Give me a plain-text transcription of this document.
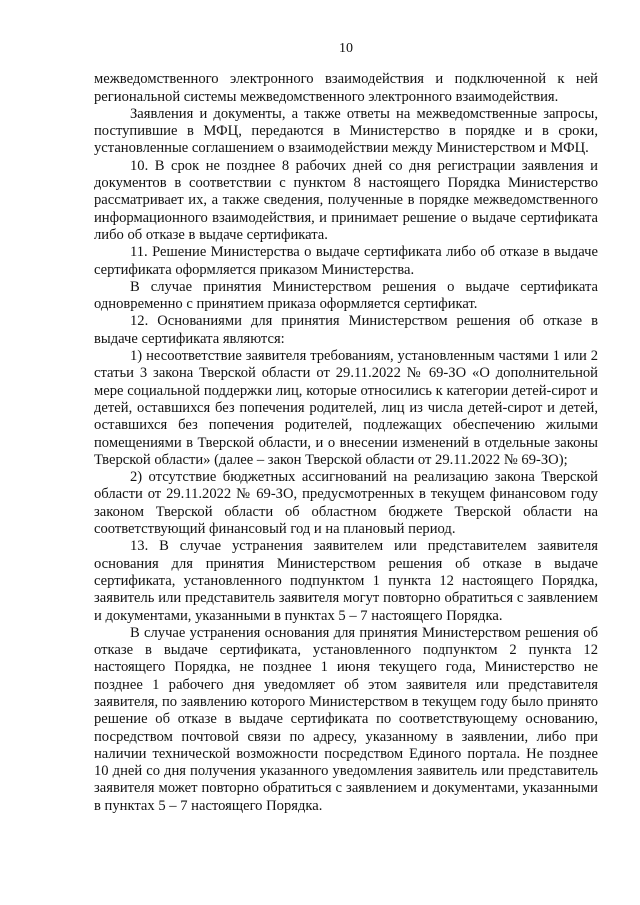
10

межведомственного электронного взаимодействия и подключенной к ней региональной системы межведомственного электронного взаимодействия.

Заявления и документы, а также ответы на межведомственные запросы, поступившие в МФЦ, передаются в Министерство в порядке и в сроки, установленные соглашением о взаимодействии между Министерством и МФЦ.

10. В срок не позднее 8 рабочих дней со дня регистрации заявления и документов в соответствии с пунктом 8 настоящего Порядка Министерство рассматривает их, а также сведения, полученные в порядке межведомственного информационного взаимодействия, и принимает решение о выдаче сертификата либо об отказе в выдаче сертификата.

11. Решение Министерства о выдаче сертификата либо об отказе в выдаче сертификата оформляется приказом Министерства.

В случае принятия Министерством решения о выдаче сертификата одновременно с принятием приказа оформляется сертификат.

12. Основаниями для принятия Министерством решения об отказе в выдаче сертификата являются:

1) несоответствие заявителя требованиям, установленным частями 1 или 2 статьи 3 закона Тверской области от 29.11.2022 № 69-ЗО «О дополнительной мере социальной поддержки лиц, которые относились к категории детей-сирот и детей, оставшихся без попечения родителей, лиц из числа детей-сирот и детей, оставшихся без попечения родителей, подлежащих обеспечению жилыми помещениями в Тверской области, и о внесении изменений в отдельные законы Тверской области» (далее – закон Тверской области от 29.11.2022 № 69-ЗО);

2) отсутствие бюджетных ассигнований на реализацию закона Тверской области от 29.11.2022 № 69-ЗО, предусмотренных в текущем финансовом году законом Тверской области об областном бюджете Тверской области на соответствующий финансовый год и на плановый период.

13. В случае устранения заявителем или представителем заявителя основания для принятия Министерством решения об отказе в выдаче сертификата, установленного подпунктом 1 пункта 12 настоящего Порядка, заявитель или представитель заявителя могут повторно обратиться с заявлением и документами, указанными в пунктах 5 – 7 настоящего Порядка.

В случае устранения основания для принятия Министерством решения об отказе в выдаче сертификата, установленного подпунктом 2 пункта 12 настоящего Порядка, не позднее 1 июня текущего года, Министерство не позднее 1 рабочего дня уведомляет об этом заявителя или представителя заявителя, по заявлению которого Министерством в текущем году было принято решение об отказе в выдаче сертификата по соответствующему основанию, посредством почтовой связи по адресу, указанному в заявлении, либо при наличии технической возможности посредством Единого портала. Не позднее 10 дней со дня получения указанного уведомления заявитель или представитель заявителя может повторно обратиться с заявлением и документами, указанными в пунктах 5 – 7 настоящего Порядка.
